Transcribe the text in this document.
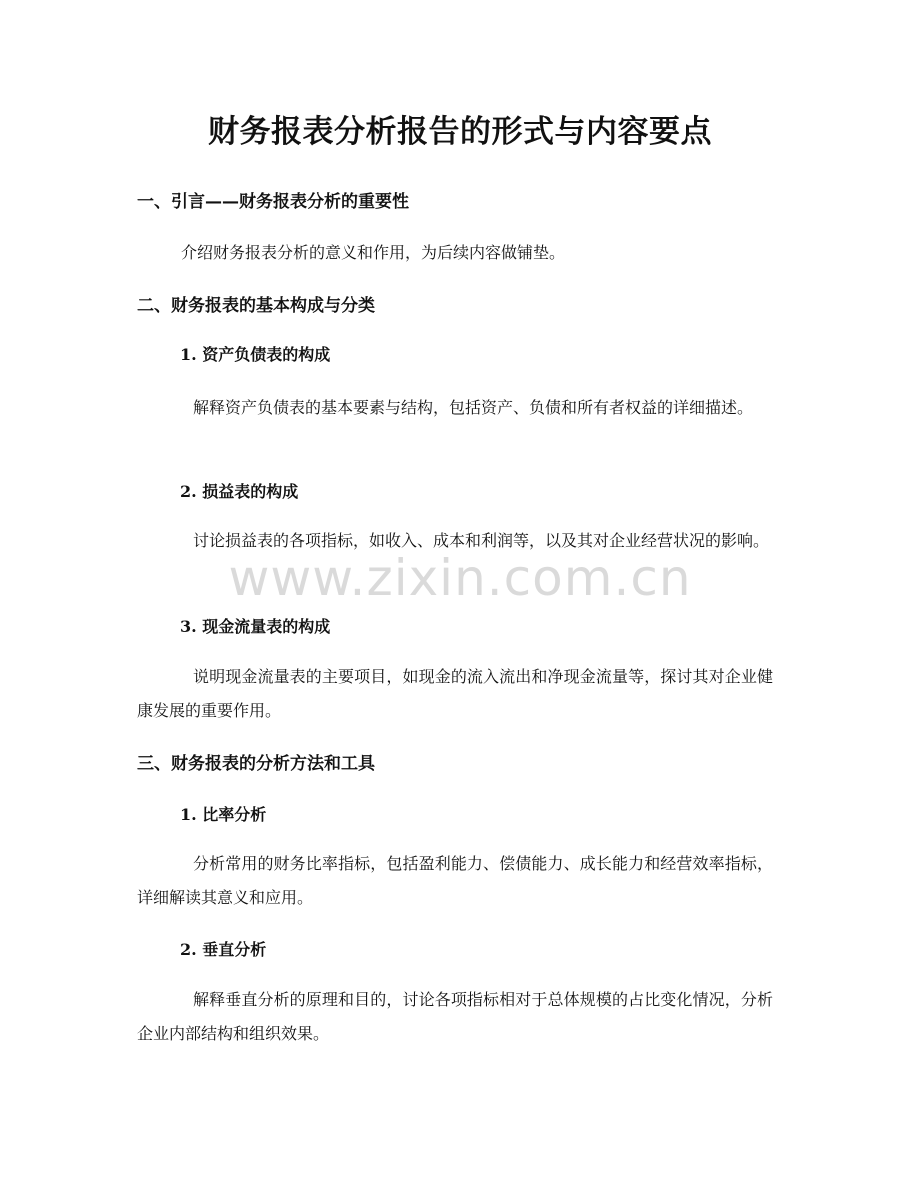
财务报表分析报告的形式与内容要点
一、引言——财务报表分析的重要性

介绍财务报表分析的意义和作用，为后续内容做铺垫。

二、财务报表的基本构成与分类
1. 资产负债表的构成

解释资产负债表的基本要素与结构，包括资产、负债和所有者权益的详细描述。

2. 损益表的构成

讨论损益表的各项指标，如收入、成本和利润等，以及其对企业经营状况的影响。

3. 现金流量表的构成

说明现金流量表的主要项目，如现金的流入流出和净现金流量等，探讨其对企业健康发展的重要作用。

三、财务报表的分析方法和工具
1. 比率分析

分析常用的财务比率指标，包括盈利能力、偿债能力、成长能力和经营效率指标，详细解读其意义和应用。

2. 垂直分析

解释垂直分析的原理和目的，讨论各项指标相对于总体规模的占比变化情况，分析企业内部结构和组织效果。

www.zixin.com.cn
